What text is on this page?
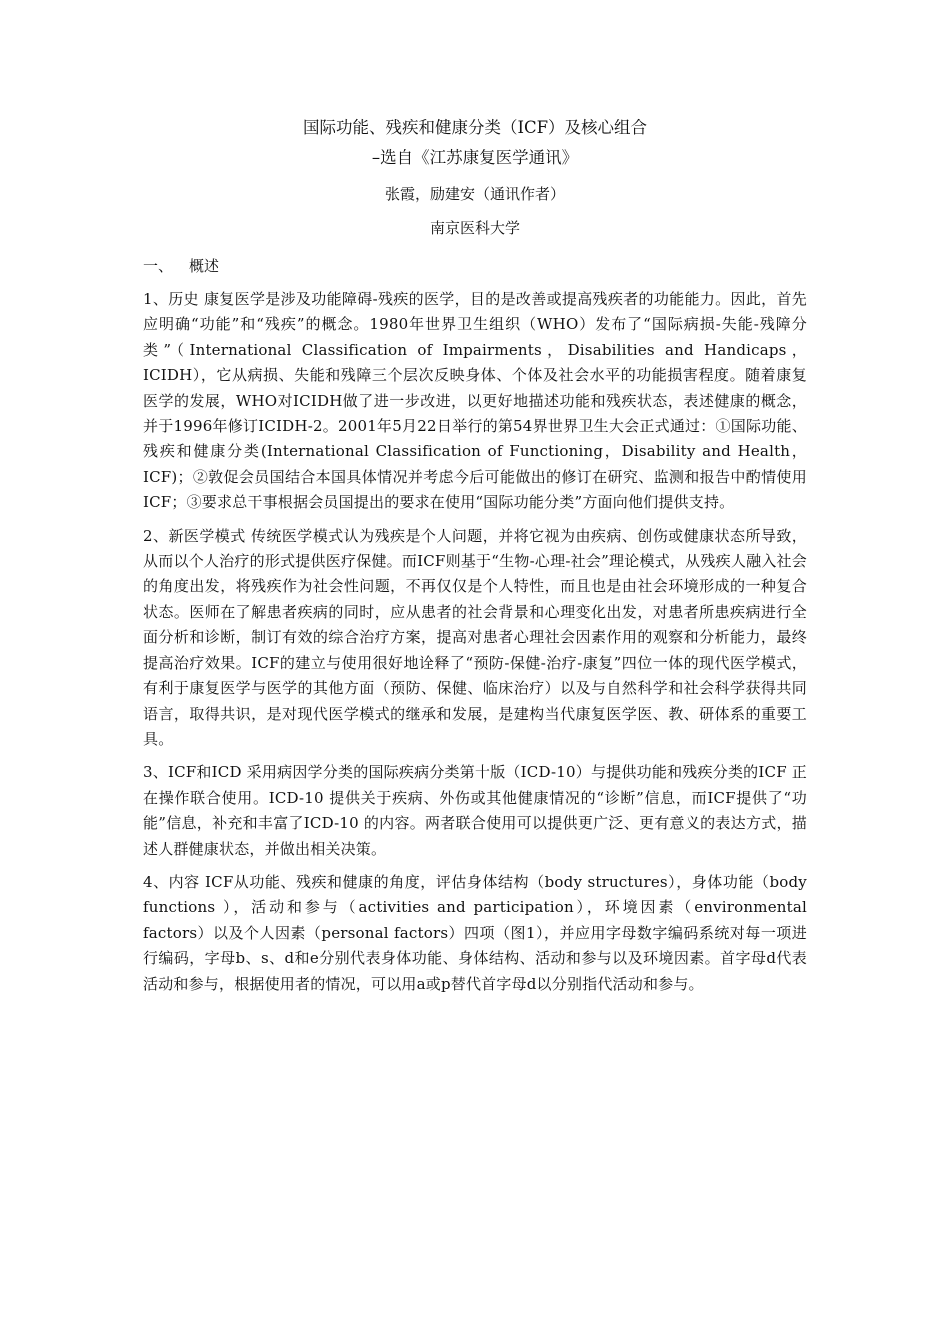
国际功能、残疾和健康分类（ICF）及核心组合

–选自《江苏康复医学通讯》

张霞，励建安（通讯作者）

南京医科大学

一、 概述

1、历史 康复医学是涉及功能障碍-残疾的医学，目的是改善或提高残疾者的功能能力。因此，首先应明确“功能”和“残疾”的概念。1980年世界卫生组织（WHO）发布了“国际病损-失能-残障分类”（International Classification of Impairments，Disabilities and Handicaps，ICIDH），它从病损、失能和残障三个层次反映身体、个体及社会水平的功能损害程度。随着康复医学的发展，WHO对ICIDH做了进一步改进，以更好地描述功能和残疾状态，表述健康的概念，并于1996年修订ICIDH-2。2001年5月22日举行的第54界世界卫生大会正式通过：①国际功能、残疾和健康分类(International Classification of Functioning，Disability and Health，ICF)；②敦促会员国结合本国具体情况并考虑今后可能做出的修订在研究、监测和报告中酌情使用ICF；③要求总干事根据会员国提出的要求在使用“国际功能分类”方面向他们提供支持。

2、新医学模式 传统医学模式认为残疾是个人问题，并将它视为由疾病、创伤或健康状态所导致，从而以个人治疗的形式提供医疗保健。而ICF则基于“生物-心理-社会”理论模式，从残疾人融入社会的角度出发，将残疾作为社会性问题，不再仅仅是个人特性，而且也是由社会环境形成的一种复合状态。医师在了解患者疾病的同时，应从患者的社会背景和心理变化出发，对患者所患疾病进行全面分析和诊断，制订有效的综合治疗方案，提高对患者心理社会因素作用的观察和分析能力，最终提高治疗效果。ICF的建立与使用很好地诠释了“预防-保健-治疗-康复”四位一体的现代医学模式，有利于康复医学与医学的其他方面（预防、保健、临床治疗）以及与自然科学和社会科学获得共同语言，取得共识，是对现代医学模式的继承和发展，是建构当代康复医学医、教、研体系的重要工具。

3、ICF和ICD 采用病因学分类的国际疾病分类第十版（ICD-10）与提供功能和残疾分类的ICF 正在操作联合使用。ICD-10 提供关于疾病、外伤或其他健康情况的“诊断”信息，而ICF提供了“功能”信息，补充和丰富了ICD-10 的内容。两者联合使用可以提供更广泛、更有意义的表达方式，描述人群健康状态，并做出相关决策。

4、内容 ICF从功能、残疾和健康的角度，评估身体结构（body structures），身体功能（body functions ），活动和参与（activities and participation），环境因素（environmental factors）以及个人因素（personal factors）四项（图1），并应用字母数字编码系统对每一项进行编码，字母b、s、d和e分别代表身体功能、身体结构、活动和参与以及环境因素。首字母d代表活动和参与，根据使用者的情况，可以用a或p替代首字母d以分别指代活动和参与。
